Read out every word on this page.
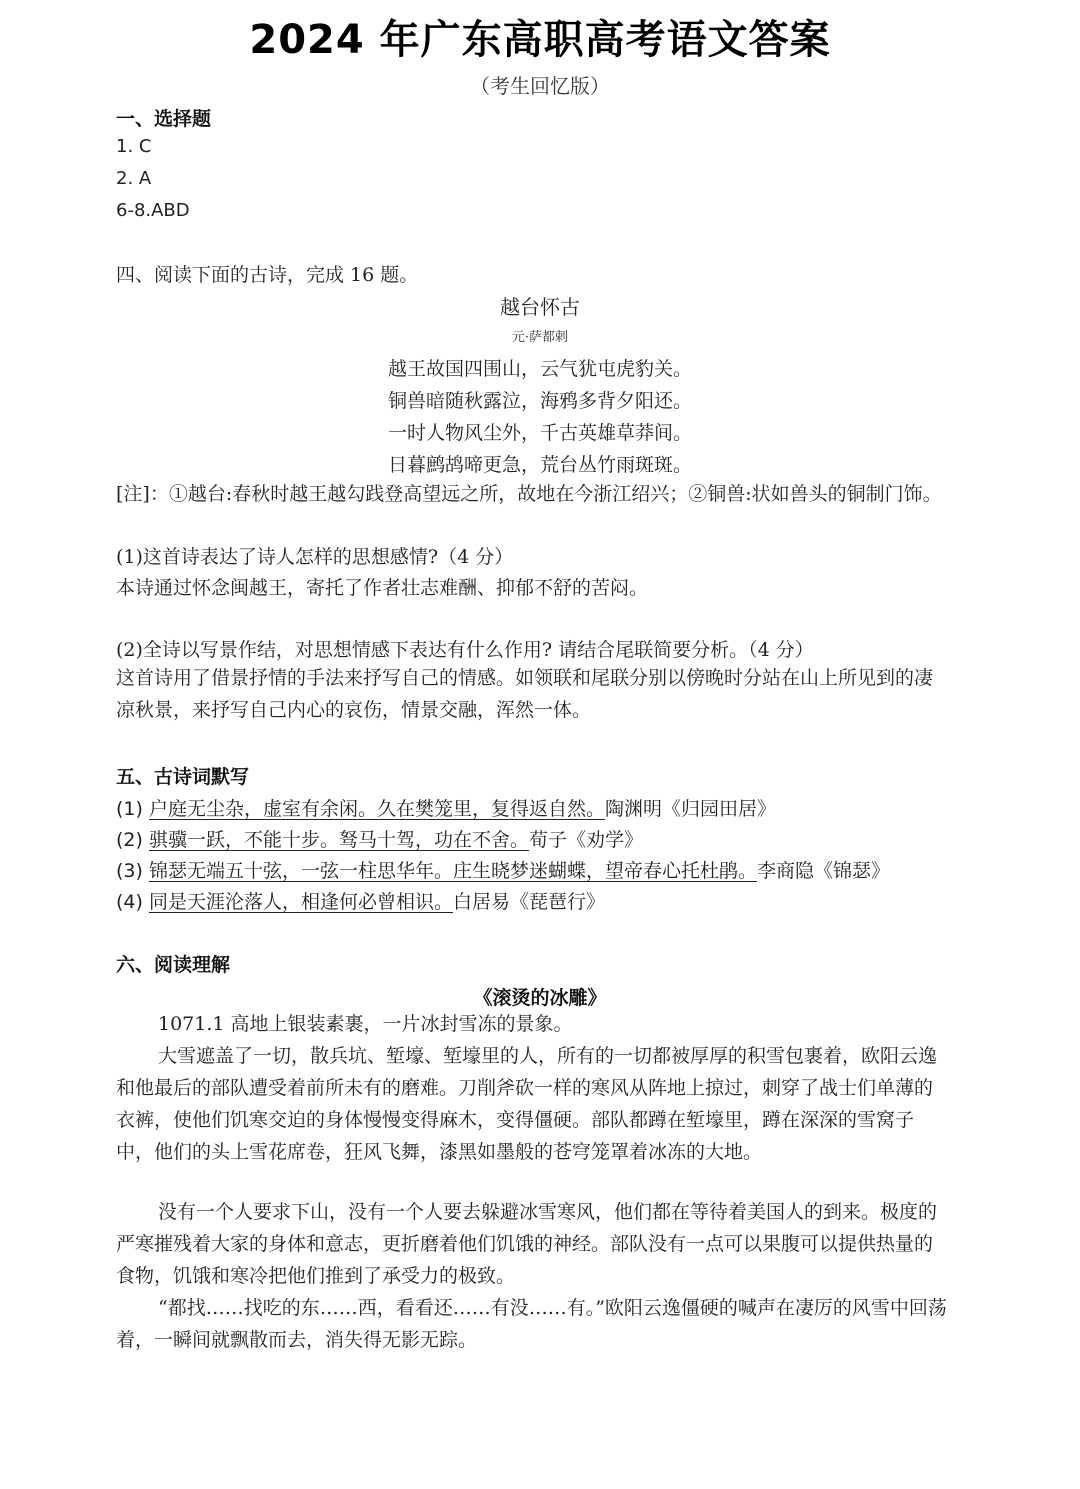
2024 年广东高职高考语文答案
（考生回忆版）
一、选择题
1. C
2. A
6-8.ABD
四、阅读下面的古诗，完成 16 题。
越台怀古
元·萨都剌
越王故国四围山，云气犹屯虎豹关。
铜兽暗随秋露泣，海鸦多背夕阳还。
一时人物风尘外，千古英雄草莽间。
日暮鹧鸪啼更急，荒台丛竹雨斑斑。
[注]：①越台:春秋时越王越勾践登高望远之所，故地在今浙江绍兴；②铜兽:状如兽头的铜制门饰。
(1)这首诗表达了诗人怎样的思想感情?（4 分）
本诗通过怀念闽越王，寄托了作者壮志难酬、抑郁不舒的苦闷。
(2)全诗以写景作结，对思想情感下表达有什么作用? 请结合尾联简要分析。（4 分）
这首诗用了借景抒情的手法来抒写自己的情感。如领联和尾联分别以傍晚时分站在山上所见到的凄凉秋景，来抒写自己内心的哀伤，情景交融，浑然一体。
五、古诗词默写
(1) 户庭无尘杂，虚室有余闲。久在樊笼里，复得返自然。陶渊明《归园田居》
(2) 骐骥一跃，不能十步。驽马十驾，功在不舍。荀子《劝学》
(3) 锦瑟无端五十弦，一弦一柱思华年。庄生晓梦迷蝴蝶，望帝春心托杜鹃。李商隐《锦瑟》
(4) 同是天涯沦落人，相逢何必曾相识。白居易《琵琶行》
六、阅读理解
《滚烫的冰雕》
1071.1 高地上银装素裹，一片冰封雪冻的景象。
大雪遮盖了一切，散兵坑、堑壕、堑壕里的人，所有的一切都被厚厚的积雪包裹着，欧阳云逸和他最后的部队遭受着前所未有的磨难。刀削斧砍一样的寒风从阵地上掠过，刺穿了战士们单薄的衣裤，使他们饥寒交迫的身体慢慢变得麻木，变得僵硬。部队都蹲在堑壕里，蹲在深深的雪窝子中，他们的头上雪花席卷，狂风飞舞，漆黑如墨般的苍穹笼罩着冰冻的大地。
没有一个人要求下山，没有一个人要去躲避冰雪寒风，他们都在等待着美国人的到来。极度的严寒摧残着大家的身体和意志，更折磨着他们饥饿的神经。部队没有一点可以果腹可以提供热量的食物，饥饿和寒冷把他们推到了承受力的极致。
“都找……找吃的东……西，看看还……有没……有。”欧阳云逸僵硬的喊声在凄厉的风雪中回荡着，一瞬间就飘散而去，消失得无影无踪。
